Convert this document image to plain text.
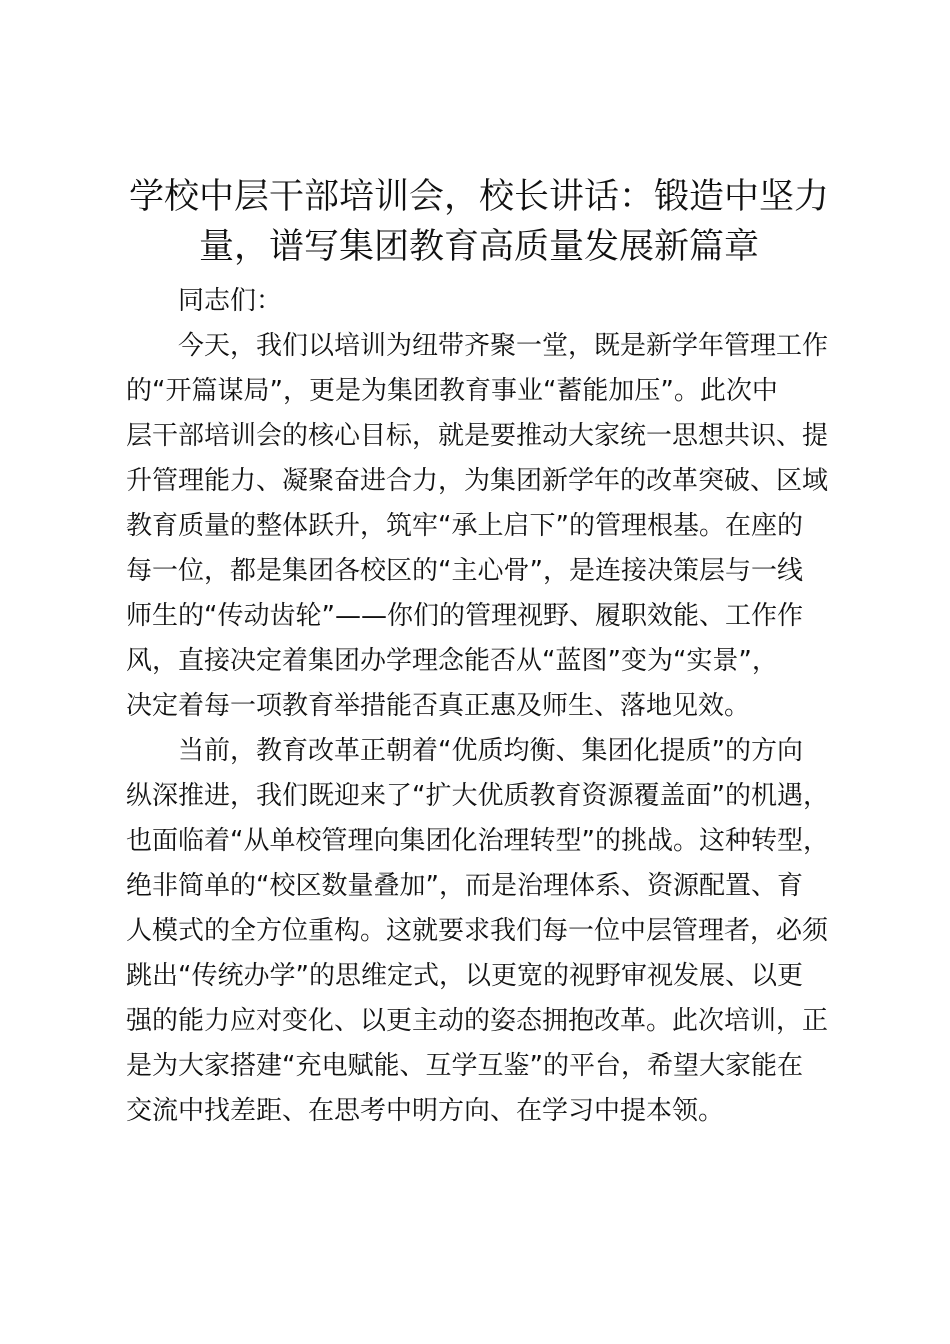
学校中层干部培训会，校长讲话：锻造中坚力
量，谱写集团教育高质量发展新篇章

同志们：

今天，我们以培训为纽带齐聚一堂，既是新学年管理工作

的“开篇谋局”，更是为集团教育事业“蓄能加压”。此次中

层干部培训会的核心目标，就是要推动大家统一思想共识、提

升管理能力、凝聚奋进合力，为集团新学年的改革突破、区域

教育质量的整体跃升，筑牢“承上启下”的管理根基。在座的

每一位，都是集团各校区的“主心骨”，是连接决策层与一线

师生的“传动齿轮”——你们的管理视野、履职效能、工作作

风，直接决定着集团办学理念能否从“蓝图”变为“实景”，

决定着每一项教育举措能否真正惠及师生、落地见效。

当前，教育改革正朝着“优质均衡、集团化提质”的方向

纵深推进，我们既迎来了“扩大优质教育资源覆盖面”的机遇，

也面临着“从单校管理向集团化治理转型”的挑战。这种转型，

绝非简单的“校区数量叠加”，而是治理体系、资源配置、育

人模式的全方位重构。这就要求我们每一位中层管理者，必须

跳出“传统办学”的思维定式，以更宽的视野审视发展、以更

强的能力应对变化、以更主动的姿态拥抱改革。此次培训，正

是为大家搭建“充电赋能、互学互鉴”的平台，希望大家能在

交流中找差距、在思考中明方向、在学习中提本领。
